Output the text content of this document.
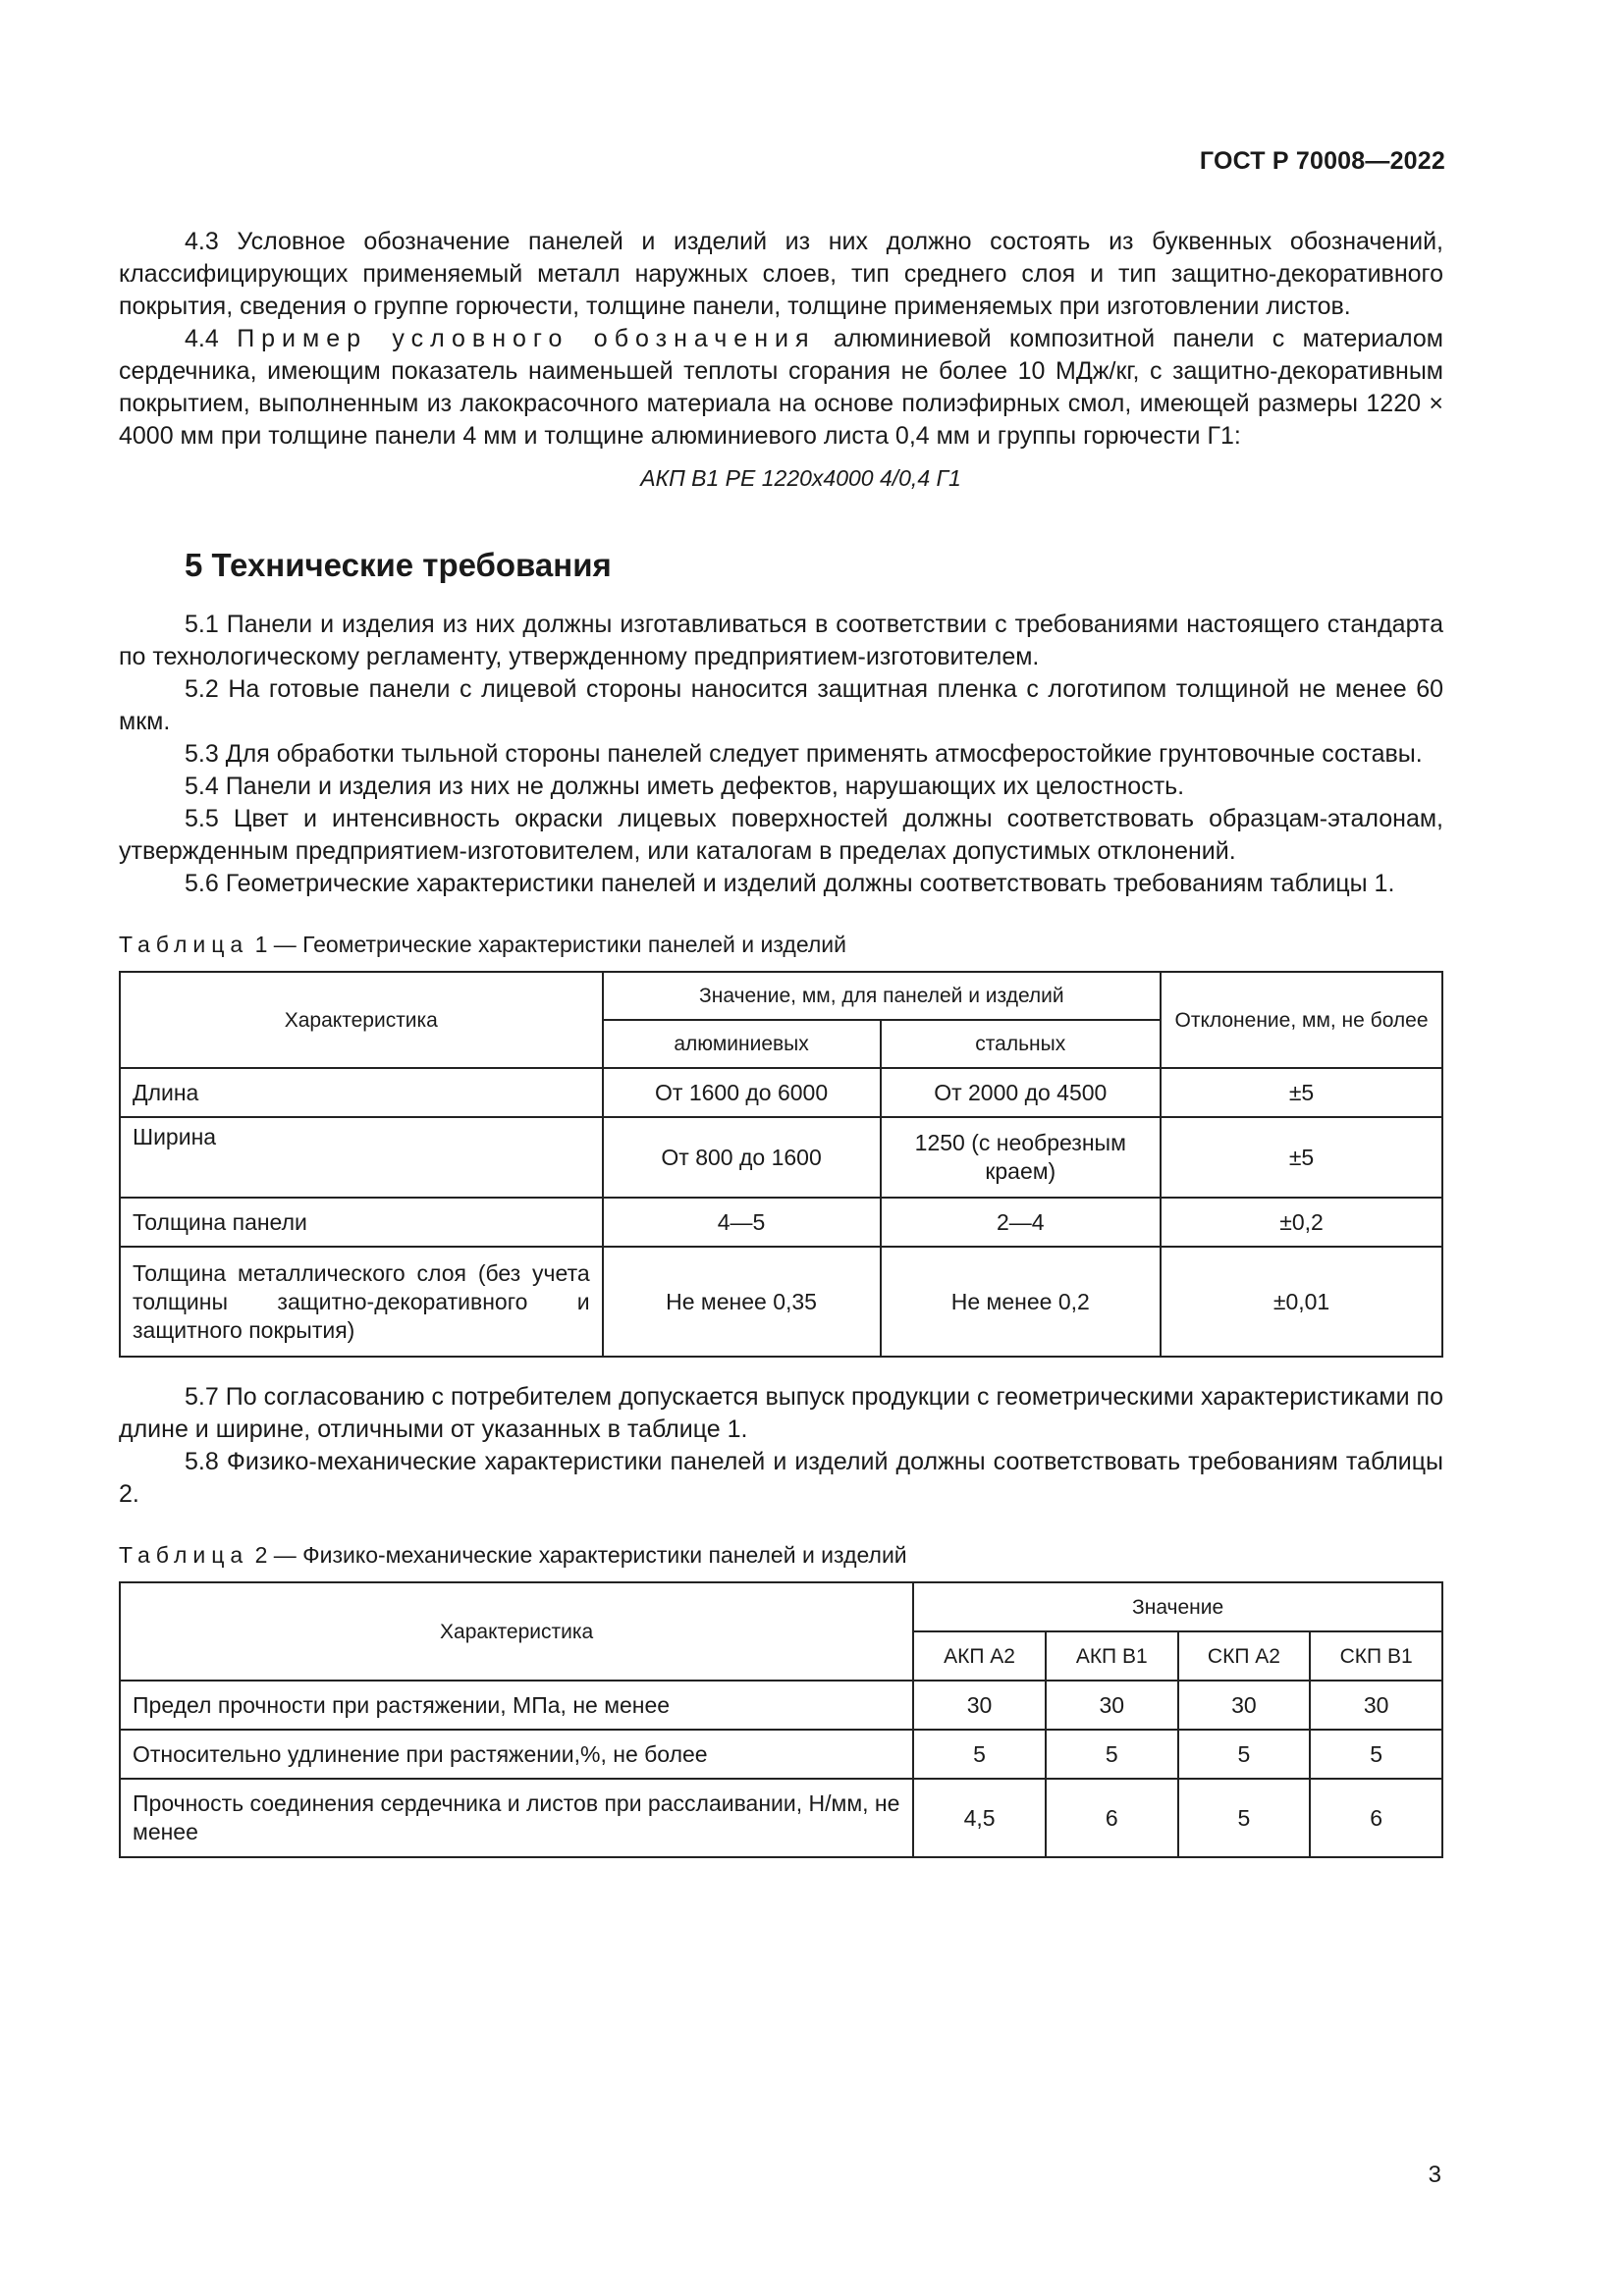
ГОСТ Р 70008—2022

4.3 Условное обозначение панелей и изделий из них должно состоять из буквенных обозначений, классифицирующих применяемый металл наружных слоев, тип среднего слоя и тип защитно-декоративного покрытия, сведения о группе горючести, толщине панели, толщине применяемых при изготовлении листов.

4.4 Пример условного обозначения алюминиевой композитной панели с материалом сердечника, имеющим показатель наименьшей теплоты сгорания не более 10 МДж/кг, с защитно-декоративным покрытием, выполненным из лакокрасочного материала на основе полиэфирных смол, имеющей размеры 1220 × 4000 мм при толщине панели 4 мм и толщине алюминиевого листа 0,4 мм и группы горючести Г1:

АКП В1 PE 1220x4000 4/0,4 Г1

5 Технические требования

5.1 Панели и изделия из них должны изготавливаться в соответствии с требованиями настоящего стандарта по технологическому регламенту, утвержденному предприятием-изготовителем.

5.2 На готовые панели с лицевой стороны наносится защитная пленка с логотипом толщиной не менее 60 мкм.

5.3 Для обработки тыльной стороны панелей следует применять атмосферостойкие грунтовочные составы.

5.4 Панели и изделия из них не должны иметь дефектов, нарушающих их целостность.

5.5 Цвет и интенсивность окраски лицевых поверхностей должны соответствовать образцам-эталонам, утвержденным предприятием-изготовителем, или каталогам в пределах допустимых отклонений.

5.6 Геометрические характеристики панелей и изделий должны соответствовать требованиям таблицы 1.

Таблица 1 — Геометрические характеристики панелей и изделий
Характеристика	Значение, мм, для панелей и изделий		Отклонение, мм, не более
	алюминиевых	стальных	
Длина	От 1600 до 6000	От 2000 до 4500	±5
Ширина	От 800 до 1600	1250 (с необрезным краем)	±5
Толщина панели	4—5	2—4	±0,2
Толщина металлического слоя (без учета толщины защитно-декоративного и защитного покрытия)	Не менее 0,35	Не менее 0,2	±0,01

5.7 По согласованию с потребителем допускается выпуск продукции с геометрическими характеристиками по длине и ширине, отличными от указанных в таблице 1.

5.8 Физико-механические характеристики панелей и изделий должны соответствовать требованиям таблицы 2.

Таблица 2 — Физико-механические характеристики панелей и изделий
Характеристика	Значение			
	АКП А2	АКП В1	СКП А2	СКП В1
Предел прочности при растяжении, МПа, не менее	30	30	30	30
Относительно удлинение при растяжении,%, не более	5	5	5	5
Прочность соединения сердечника и листов при расслаивании, Н/мм, не менее	4,5	6	5	6
3
